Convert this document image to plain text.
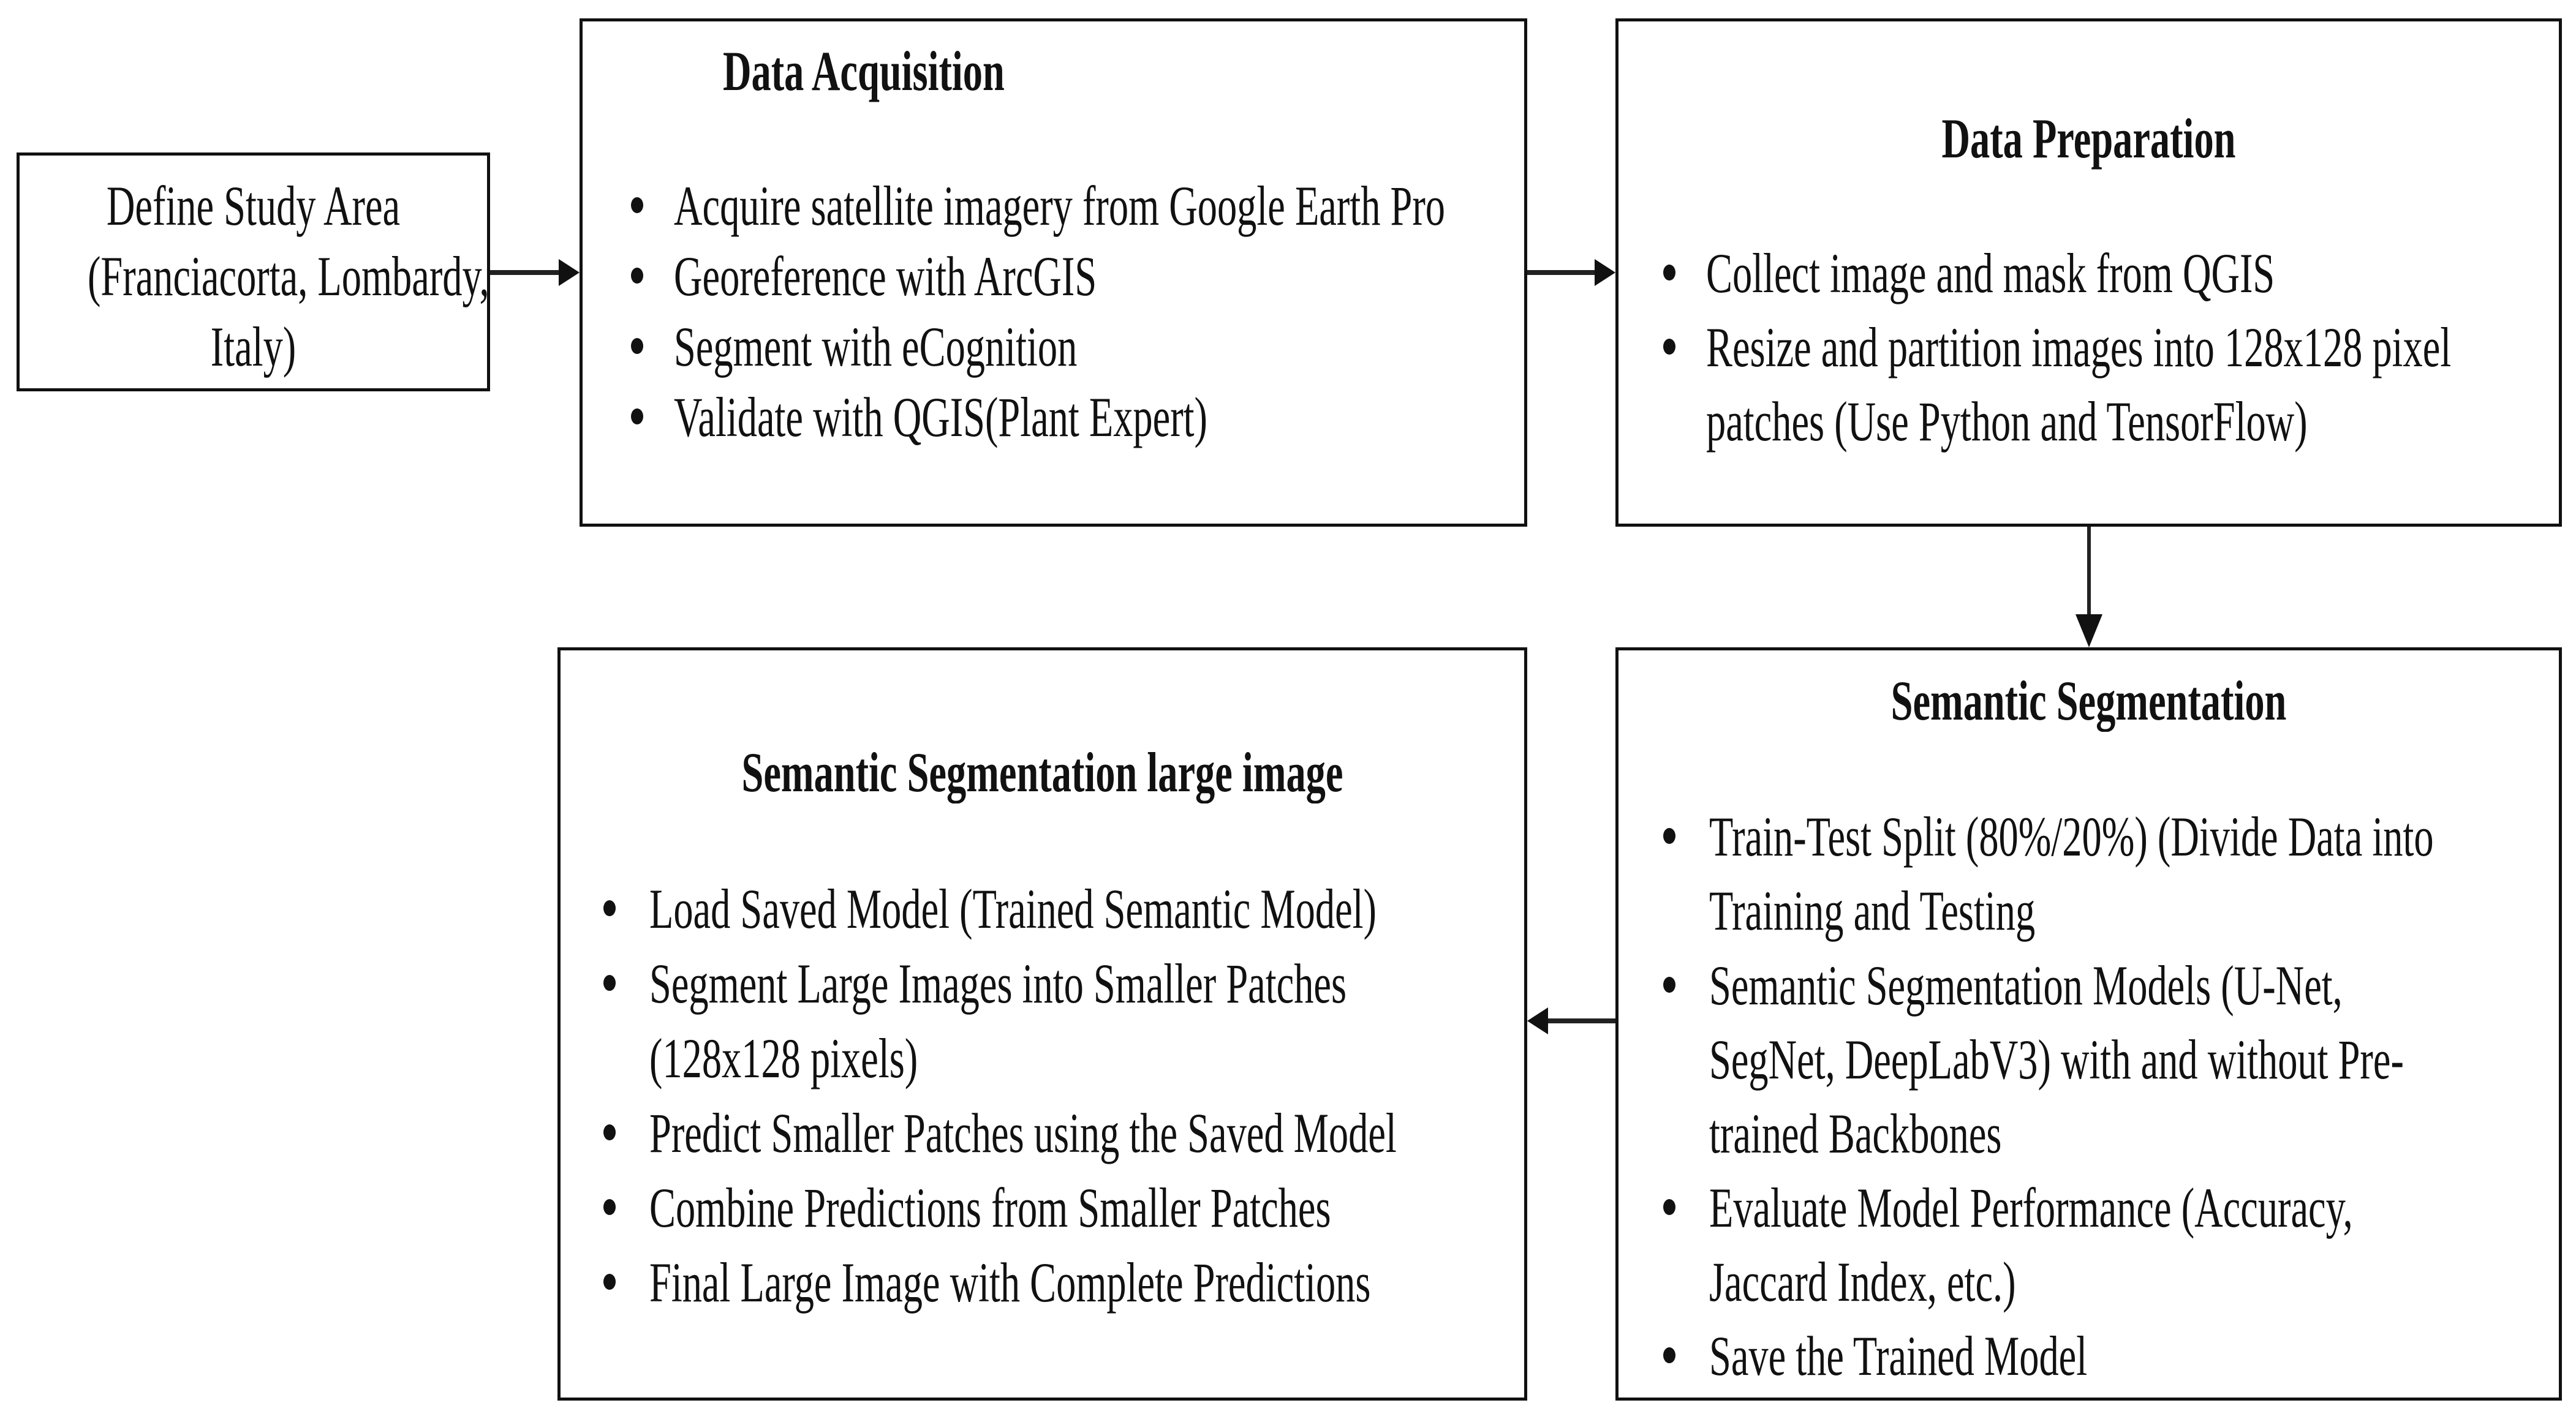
Define Study Area
(Franciacorta, Lombardy,
Italy)
Data Acquisition
Acquire satellite imagery from Google Earth Pro
Georeference with ArcGIS
Segment with eCognition
Validate with QGIS(Plant Expert)
Data Preparation
Collect image and mask from QGIS
Resize and partition images into 128x128 pixel
patches (Use Python and TensorFlow)
Semantic Segmentation
Train-Test Split (80%/20%) (Divide Data into
Training and Testing
Semantic Segmentation Models (U-Net,
SegNet, DeepLabV3) with and without Pre-
trained Backbones
Evaluate Model Performance (Accuracy,
Jaccard Index, etc.)
Save the Trained Model
Semantic Segmentation large image
Load Saved Model (Trained Semantic Model)
Segment Large Images into Smaller Patches
(128x128 pixels)
Predict Smaller Patches using the Saved Model
Combine Predictions from Smaller Patches
Final Large Image with Complete Predictions
